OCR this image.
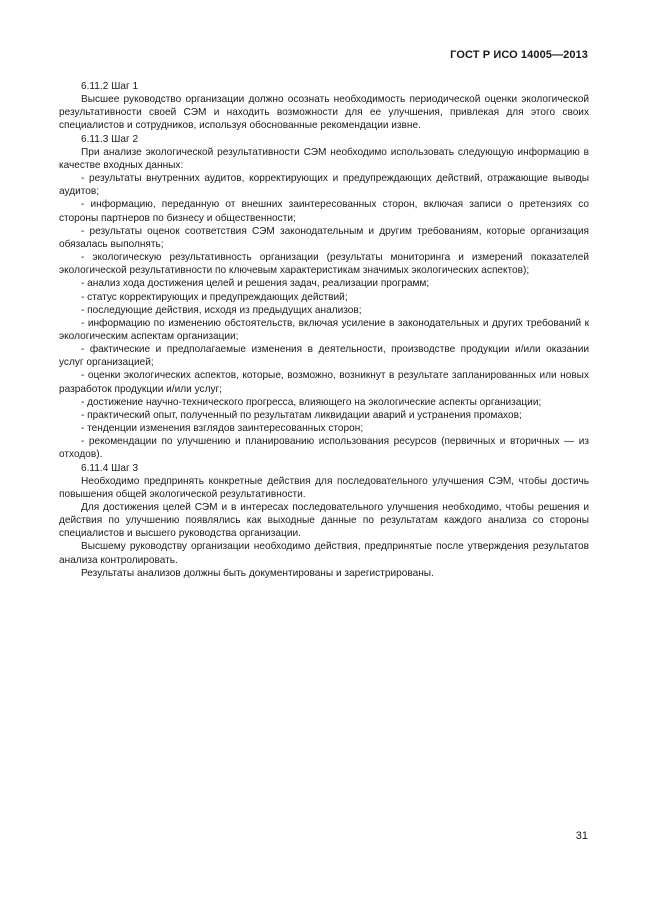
ГОСТ Р ИСО 14005—2013

6.11.2 Шаг 1

Высшее руководство организации должно осознать необходимость периодической оценки экологической результативности своей СЭМ и находить возможности для ее улучшения, привлекая для этого своих специалистов и сотрудников, используя обоснованные рекомендации извне.

6.11.3 Шаг 2

При анализе экологической результативности СЭМ необходимо использовать следующую информацию в качестве входных данных:

- результаты внутренних аудитов, корректирующих и предупреждающих действий, отражающие выводы аудитов;

- информацию, переданную от внешних заинтересованных сторон, включая записи о претензиях со стороны партнеров по бизнесу и общественности;

- результаты оценок соответствия СЭМ законодательным и другим требованиям, которые организация обязалась выполнять;

- экологическую результативность организации (результаты мониторинга и измерений показателей экологической результативности по ключевым характеристикам значимых экологических аспектов);

- анализ хода достижения целей и решения задач, реализации программ;

- статус корректирующих и предупреждающих действий;

- последующие действия, исходя из предыдущих анализов;

- информацию по изменению обстоятельств, включая усиление в законодательных и других требований к экологическим аспектам организации;

- фактические и предполагаемые изменения в деятельности, производстве продукции и/или оказании услуг организацией;

- оценки экологических аспектов, которые, возможно, возникнут в результате запланированных или новых разработок продукции и/или услуг;

- достижение научно-технического прогресса, влияющего на экологические аспекты организации;

- практический опыт, полученный по результатам ликвидации аварий и устранения промахов;

- тенденции изменения взглядов заинтересованных сторон;

- рекомендации по улучшению и планированию использования ресурсов (первичных и вторичных — из отходов).

6.11.4 Шаг 3

Необходимо предпринять конкретные действия для последовательного улучшения СЭМ, чтобы достичь повышения общей экологической результативности.

Для достижения целей СЭМ и в интересах последовательного улучшения необходимо, чтобы решения и действия по улучшению появлялись как выходные данные по результатам каждого анализа со стороны специалистов и высшего руководства организации.

Высшему руководству организации необходимо действия, предпринятые после утверждения результатов анализа контролировать.

Результаты анализов должны быть документированы и зарегистрированы.

31
